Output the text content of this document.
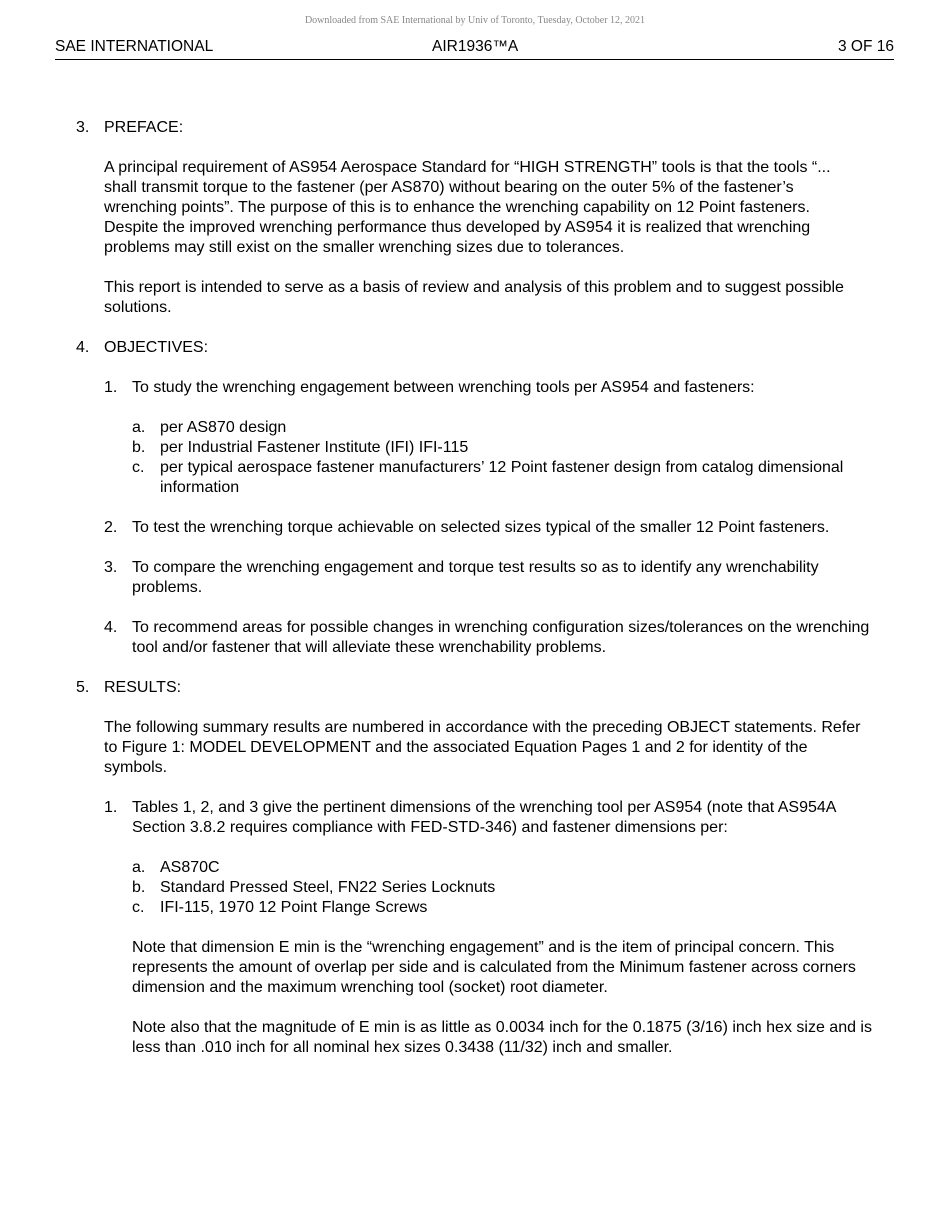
Downloaded from SAE International by Univ of Toronto, Tuesday, October 12, 2021
SAE INTERNATIONAL	AIR1936™A	3 OF 16
3. PREFACE:

A principal requirement of AS954 Aerospace Standard for “HIGH STRENGTH” tools is that the tools “... shall transmit torque to the fastener (per AS870) without bearing on the outer 5% of the fastener’s wrenching points”. The purpose of this is to enhance the wrenching capability on 12 Point fasteners. Despite the improved wrenching performance thus developed by AS954 it is realized that wrenching problems may still exist on the smaller wrenching sizes due to tolerances.

This report is intended to serve as a basis of review and analysis of this problem and to suggest possible solutions.

4. OBJECTIVES:
1. To study the wrenching engagement between wrenching tools per AS954 and fasteners:
a. per AS870 design
b. per Industrial Fastener Institute (IFI) IFI-115
c. per typical aerospace fastener manufacturers’ 12 Point fastener design from catalog dimensional information
2. To test the wrenching torque achievable on selected sizes typical of the smaller 12 Point fasteners.
3. To compare the wrenching engagement and torque test results so as to identify any wrenchability problems.
4. To recommend areas for possible changes in wrenching configuration sizes/tolerances on the wrenching tool and/or fastener that will alleviate these wrenchability problems.
5. RESULTS:

The following summary results are numbered in accordance with the preceding OBJECT statements. Refer to Figure 1: MODEL DEVELOPMENT and the associated Equation Pages 1 and 2 for identity of the symbols.

1. Tables 1, 2, and 3 give the pertinent dimensions of the wrenching tool per AS954 (note that AS954A Section 3.8.2 requires compliance with FED-STD-346) and fastener dimensions per:
a. AS870C
b. Standard Pressed Steel, FN22 Series Locknuts
c. IFI-115, 1970 12 Point Flange Screws

Note that dimension E min is the “wrenching engagement” and is the item of principal concern. This represents the amount of overlap per side and is calculated from the Minimum fastener across corners dimension and the maximum wrenching tool (socket) root diameter.

Note also that the magnitude of E min is as little as 0.0034 inch for the 0.1875 (3/16) inch hex size and is less than .010 inch for all nominal hex sizes 0.3438 (11/32) inch and smaller.
